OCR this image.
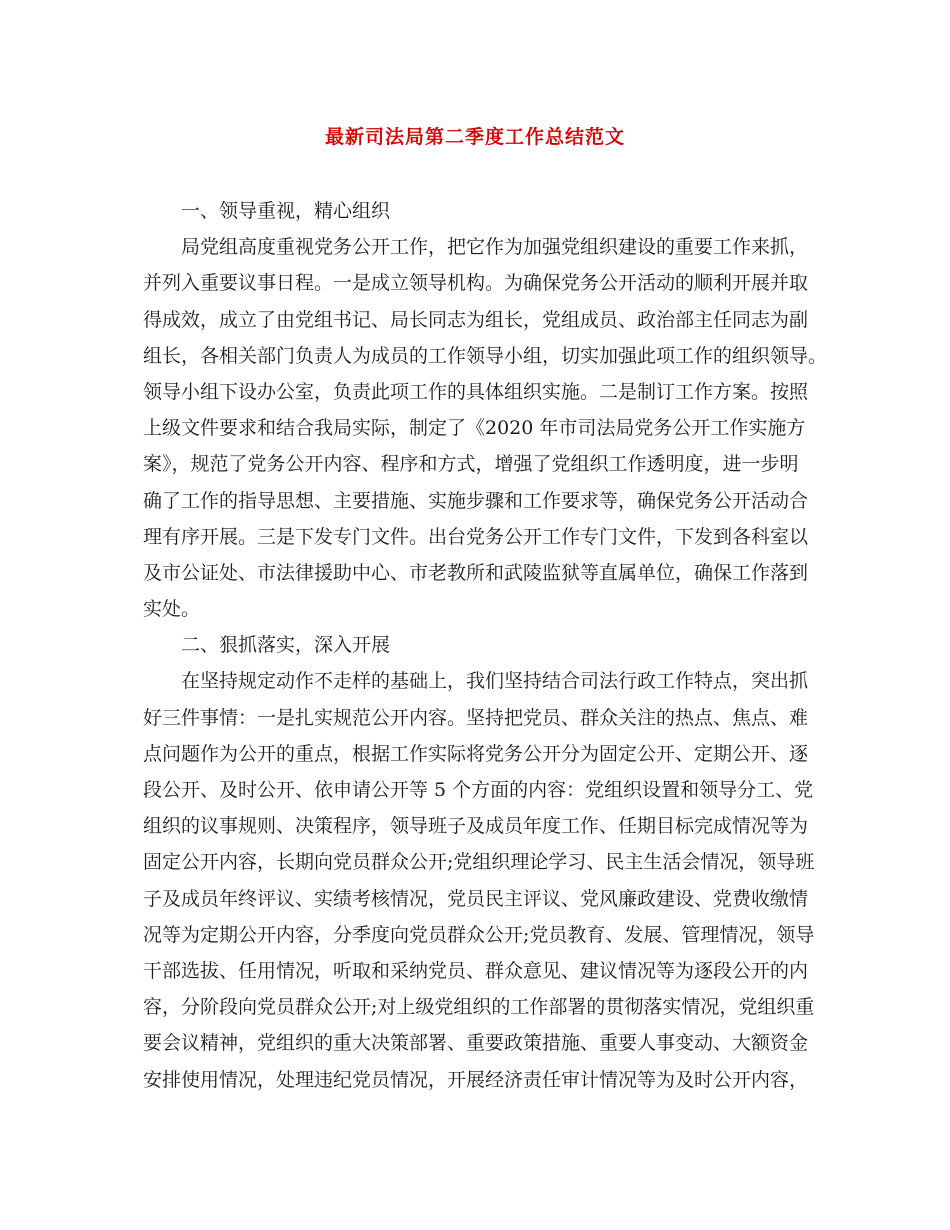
最新司法局第二季度工作总结范文
一、领导重视，精心组织
局党组高度重视党务公开工作，把它作为加强党组织建设的重要工作来抓，
并列入重要议事日程。一是成立领导机构。为确保党务公开活动的顺利开展并取
得成效，成立了由党组书记、局长同志为组长，党组成员、政治部主任同志为副
组长，各相关部门负责人为成员的工作领导小组，切实加强此项工作的组织领导。
领导小组下设办公室，负责此项工作的具体组织实施。二是制订工作方案。按照
上级文件要求和结合我局实际，制定了《2020 年市司法局党务公开工作实施方
案》，规范了党务公开内容、程序和方式，增强了党组织工作透明度，进一步明
确了工作的指导思想、主要措施、实施步骤和工作要求等，确保党务公开活动合
理有序开展。三是下发专门文件。出台党务公开工作专门文件，下发到各科室以
及市公证处、市法律援助中心、市老教所和武陵监狱等直属单位，确保工作落到
实处。
二、狠抓落实，深入开展
在坚持规定动作不走样的基础上，我们坚持结合司法行政工作特点，突出抓
好三件事情：一是扎实规范公开内容。坚持把党员、群众关注的热点、焦点、难
点问题作为公开的重点，根据工作实际将党务公开分为固定公开、定期公开、逐
段公开、及时公开、依申请公开等 5 个方面的内容：党组织设置和领导分工、党
组织的议事规则、决策程序，领导班子及成员年度工作、任期目标完成情况等为
固定公开内容，长期向党员群众公开;党组织理论学习、民主生活会情况，领导班
子及成员年终评议、实绩考核情况，党员民主评议、党风廉政建设、党费收缴情
况等为定期公开内容，分季度向党员群众公开;党员教育、发展、管理情况，领导
干部选拔、任用情况，听取和采纳党员、群众意见、建议情况等为逐段公开的内
容，分阶段向党员群众公开;对上级党组织的工作部署的贯彻落实情况，党组织重
要会议精神，党组织的重大决策部署、重要政策措施、重要人事变动、大额资金
安排使用情况，处理违纪党员情况，开展经济责任审计情况等为及时公开内容，
